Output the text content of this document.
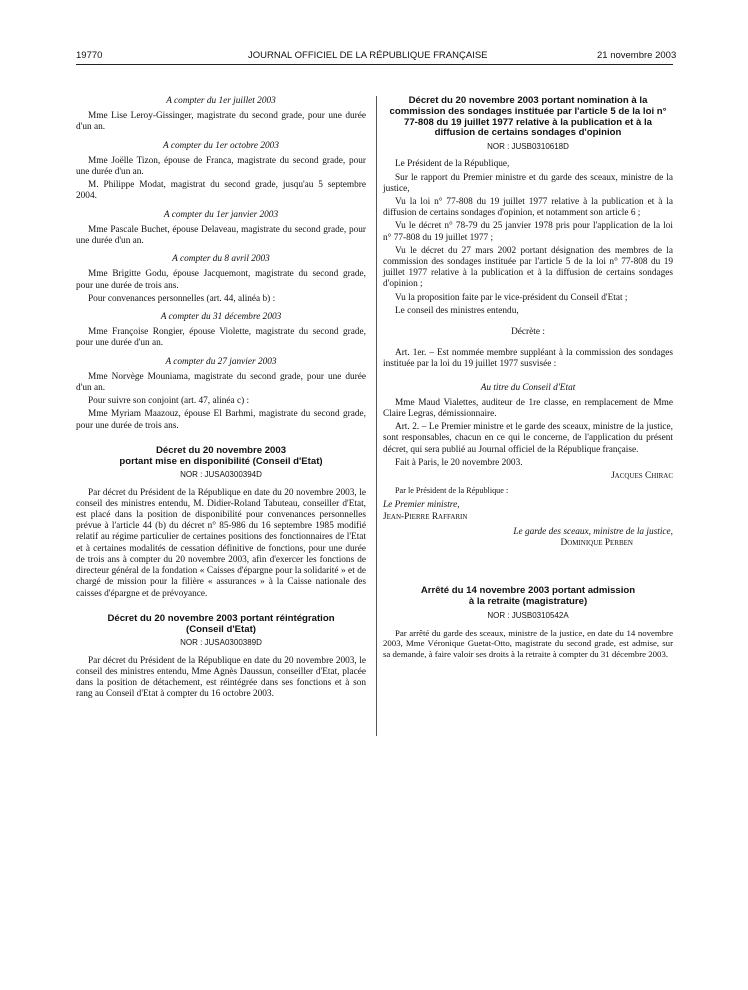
19770	JOURNAL OFFICIEL DE LA RÉPUBLIQUE FRANÇAISE	21 novembre 2003

A compter du 1er juillet 2003

Mme Lise Leroy-Gissinger, magistrate du second grade, pour une durée d'un an.

A compter du 1er octobre 2003

Mme Joëlle Tizon, épouse de Franca, magistrate du second grade, pour une durée d'un an.

M. Philippe Modat, magistrat du second grade, jusqu'au 5 septembre 2004.

A compter du 1er janvier 2003

Mme Pascale Buchet, épouse Delaveau, magistrate du second grade, pour une durée d'un an.

A compter du 8 avril 2003

Mme Brigitte Godu, épouse Jacquemont, magistrate du second grade, pour une durée de trois ans.

Pour convenances personnelles (art. 44, alinéa b) :

A compter du 31 décembre 2003

Mme Françoise Rongier, épouse Violette, magistrate du second grade, pour une durée d'un an.

A compter du 27 janvier 2003

Mme Norvège Mouniama, magistrate du second grade, pour une durée d'un an.

Pour suivre son conjoint (art. 47, alinéa c) :

Mme Myriam Maazouz, épouse El Barhmi, magistrate du second grade, pour une durée de trois ans.

Décret du 20 novembre 2003
portant mise en disponibilité (Conseil d'Etat)
NOR : JUSA0300394D

Par décret du Président de la République en date du 20 novembre 2003, le conseil des ministres entendu, M. Didier-Roland Tabuteau, conseiller d'Etat, est placé dans la position de disponibilité pour convenances personnelles prévue à l'article 44 (b) du décret n° 85-986 du 16 septembre 1985 modifié relatif au régime particulier de certaines positions des fonctionnaires de l'Etat et à certaines modalités de cessation définitive de fonctions, pour une durée de trois ans à compter du 20 novembre 2003, afin d'exercer les fonctions de directeur général de la fondation « Caisses d'épargne pour la solidarité » et de chargé de mission pour la filière « assurances » à la Caisse nationale des caisses d'épargne et de prévoyance.

Décret du 20 novembre 2003 portant réintégration
(Conseil d'Etat)
NOR : JUSA0300389D

Par décret du Président de la République en date du 20 novembre 2003, le conseil des ministres entendu, Mme Agnès Daussun, conseiller d'Etat, placée dans la position de détachement, est réintégrée dans ses fonctions et à son rang au Conseil d'Etat à compter du 16 octobre 2003.

Décret du 20 novembre 2003 portant nomination à la commission des sondages instituée par l'article 5 de la loi n° 77-808 du 19 juillet 1977 relative à la publication et à la diffusion de certains sondages d'opinion
NOR : JUSB0310618D

Le Président de la République,

Sur le rapport du Premier ministre et du garde des sceaux, ministre de la justice,

Vu la loi n° 77-808 du 19 juillet 1977 relative à la publication et à la diffusion de certains sondages d'opinion, et notamment son article 6 ;

Vu le décret n° 78-79 du 25 janvier 1978 pris pour l'application de la loi n° 77-808 du 19 juillet 1977 ;

Vu le décret du 27 mars 2002 portant désignation des membres de la commission des sondages instituée par l'article 5 de la loi n° 77-808 du 19 juillet 1977 relative à la publication et à la diffusion de certains sondages d'opinion ;

Vu la proposition faite par le vice-président du Conseil d'Etat ;

Le conseil des ministres entendu,

Décrète :

Art. 1er. – Est nommée membre suppléant à la commission des sondages instituée par la loi du 19 juillet 1977 susvisée :

Au titre du Conseil d'Etat

Mme Maud Vialettes, auditeur de 1re classe, en remplacement de Mme Claire Legras, démissionnaire.

Art. 2. – Le Premier ministre et le garde des sceaux, ministre de la justice, sont responsables, chacun en ce qui le concerne, de l'application du présent décret, qui sera publié au Journal officiel de la République française.

Fait à Paris, le 20 novembre 2003.

Jacques Chirac

Par le Président de la République :

Le Premier ministre,

Jean-Pierre Raffarin

Le garde des sceaux, ministre de la justice,

Dominique Perben

Arrêté du 14 novembre 2003 portant admission
à la retraite (magistrature)
NOR : JUSB0310542A

Par arrêté du garde des sceaux, ministre de la justice, en date du 14 novembre 2003, Mme Véronique Guetat-Otto, magistrate du second grade, est admise, sur sa demande, à faire valoir ses droits à la retraite à compter du 31 décembre 2003.
